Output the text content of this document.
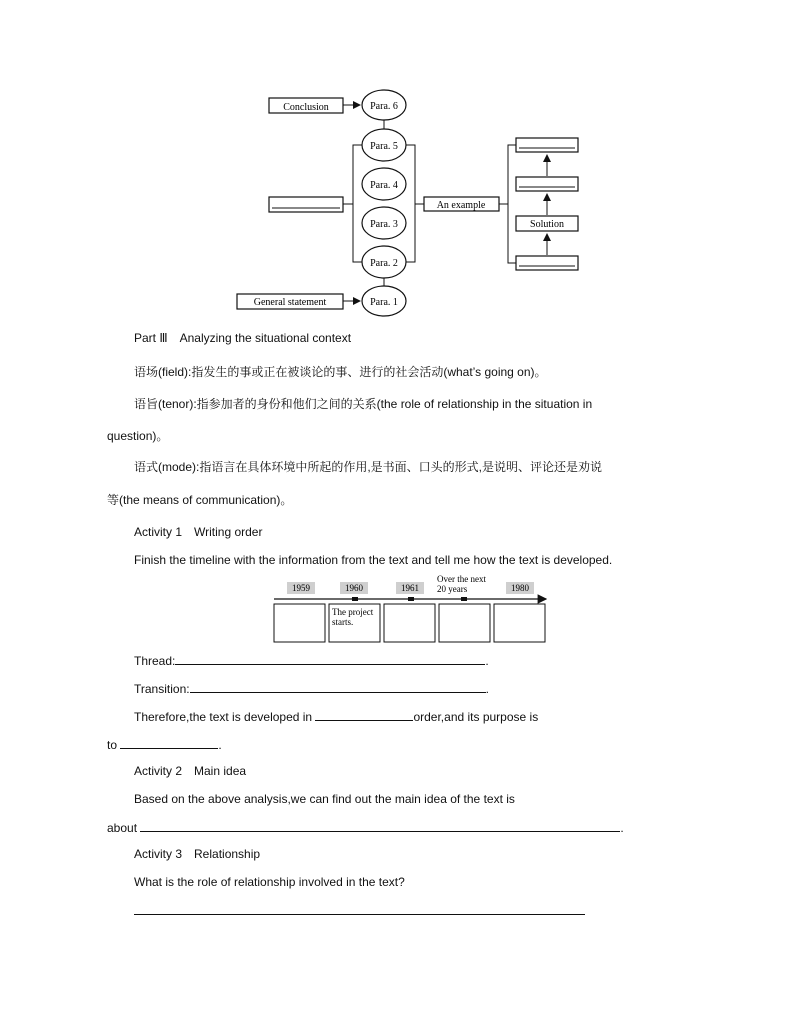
Conclusion	Para. 6
Para. 5
Para. 4
Para. 3
Para. 2
Para. 1
General statement
An example
Solution
Part Ⅲ　Analyzing the situational context
语场(field):指发生的事或正在被谈论的事、进行的社会活动(what’s going on)。
语旨(tenor):指参加者的身份和他们之间的关系(the role of relationship in the situation in
question)。
语式(mode):指语言在具体环境中所起的作用,是书面、口头的形式,是说明、评论还是劝说
等(the means of communication)。
Activity 1　Writing order
Finish the timeline with the information from the text and tell me how the text is developed.
1959	1960	1961
Over the next 20 years	1980
The project starts.
Thread:	.
Transition:	.
Therefore,the text is developed in	order,and its purpose is
to	.
Activity 2　Main idea
Based on the above analysis,we can find out the main idea of the text is
about	.
Activity 3　Relationship
What is the role of relationship involved in the text?
